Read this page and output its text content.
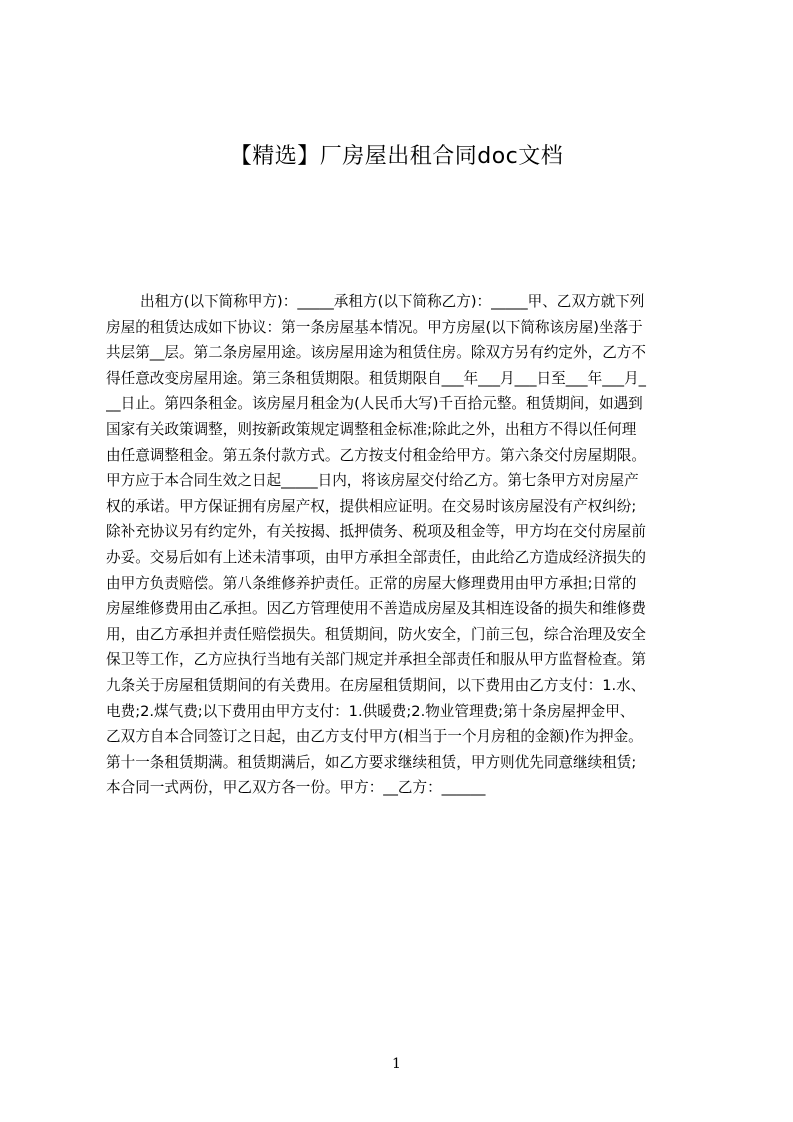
【精选】厂房屋出租合同doc文档
出租方(以下简称甲方)：_____承租方(以下简称乙方)：_____甲、乙双方就下列
房屋的租赁达成如下协议：第一条房屋基本情况。甲方房屋(以下简称该房屋)坐落于
共层第__层。第二条房屋用途。该房屋用途为租赁住房。除双方另有约定外，乙方不
得任意改变房屋用途。第三条租赁期限。租赁期限自___年___月___日至___年___月_
__日止。第四条租金。该房屋月租金为(人民币大写)千百拾元整。租赁期间，如遇到
国家有关政策调整，则按新政策规定调整租金标准;除此之外，出租方不得以任何理
由任意调整租金。第五条付款方式。乙方按支付租金给甲方。第六条交付房屋期限。
甲方应于本合同生效之日起_____日内，将该房屋交付给乙方。第七条甲方对房屋产
权的承诺。甲方保证拥有房屋产权，提供相应证明。在交易时该房屋没有产权纠纷;
除补充协议另有约定外，有关按揭、抵押债务、税项及租金等，甲方均在交付房屋前
办妥。交易后如有上述未清事项，由甲方承担全部责任，由此给乙方造成经济损失的
由甲方负责赔偿。第八条维修养护责任。正常的房屋大修理费用由甲方承担;日常的
房屋维修费用由乙承担。因乙方管理使用不善造成房屋及其相连设备的损失和维修费
用，由乙方承担并责任赔偿损失。租赁期间，防火安全，门前三包，综合治理及安全
保卫等工作，乙方应执行当地有关部门规定并承担全部责任和服从甲方监督检查。第
九条关于房屋租赁期间的有关费用。在房屋租赁期间，以下费用由乙方支付：1.水、
电费;2.煤气费;以下费用由甲方支付：1.供暖费;2.物业管理费;第十条房屋押金甲、
乙双方自本合同签订之日起，由乙方支付甲方(相当于一个月房租的金额)作为押金。
第十一条租赁期满。租赁期满后，如乙方要求继续租赁，甲方则优先同意继续租赁;
本合同一式两份，甲乙双方各一份。甲方：__乙方：______
1
